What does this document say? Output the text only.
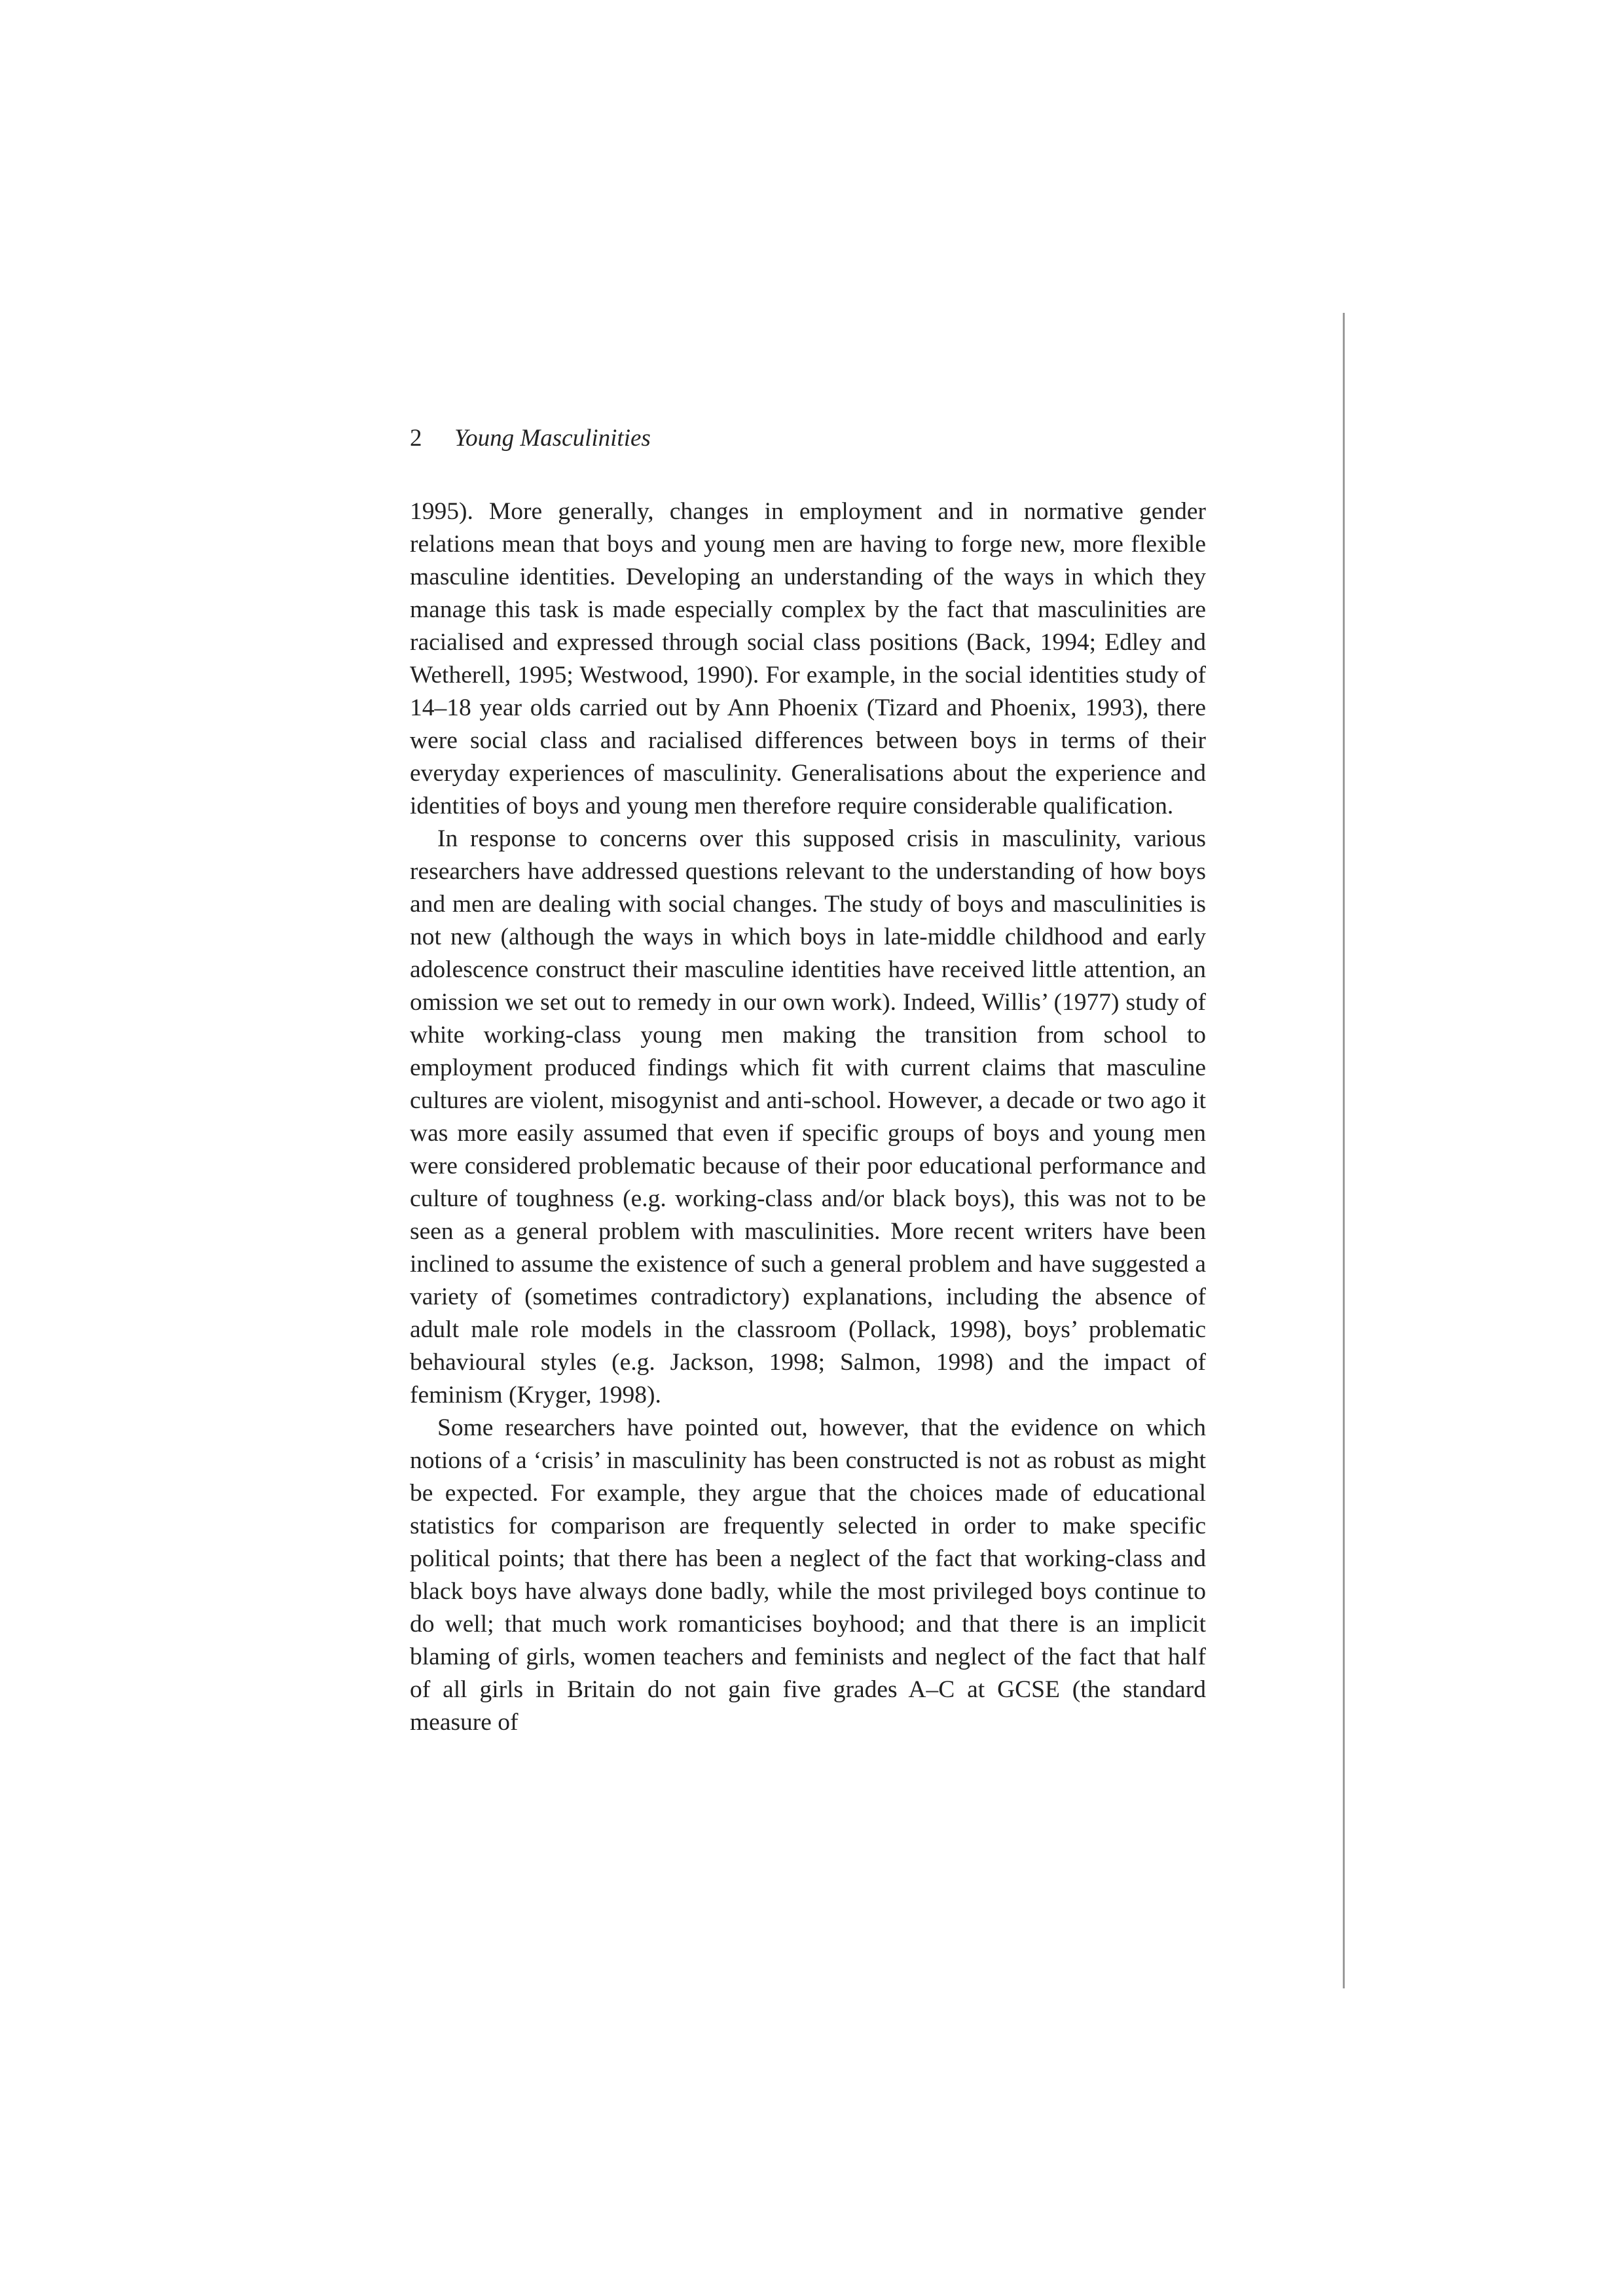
2 Young Masculinities

1995). More generally, changes in employment and in normative gender relations mean that boys and young men are having to forge new, more flexible masculine identities. Developing an understanding of the ways in which they manage this task is made especially complex by the fact that masculinities are racialised and expressed through social class positions (Back, 1994; Edley and Wetherell, 1995; Westwood, 1990). For example, in the social identities study of 14–18 year olds carried out by Ann Phoenix (Tizard and Phoenix, 1993), there were social class and racialised differences between boys in terms of their everyday experiences of masculinity. Generalisations about the experience and identities of boys and young men therefore require considerable qualification.

In response to concerns over this supposed crisis in masculinity, various researchers have addressed questions relevant to the understanding of how boys and men are dealing with social changes. The study of boys and masculinities is not new (although the ways in which boys in late-middle childhood and early adolescence construct their masculine identities have received little attention, an omission we set out to remedy in our own work). Indeed, Willis’ (1977) study of white working-class young men making the transition from school to employment produced findings which fit with current claims that masculine cultures are violent, misogynist and anti-school. However, a decade or two ago it was more easily assumed that even if specific groups of boys and young men were considered problematic because of their poor educational performance and culture of toughness (e.g. working-class and/or black boys), this was not to be seen as a general problem with masculinities. More recent writers have been inclined to assume the existence of such a general problem and have suggested a variety of (sometimes contradictory) explanations, including the absence of adult male role models in the classroom (Pollack, 1998), boys’ problematic behavioural styles (e.g. Jackson, 1998; Salmon, 1998) and the impact of feminism (Kryger, 1998).

Some researchers have pointed out, however, that the evidence on which notions of a ‘crisis’ in masculinity has been constructed is not as robust as might be expected. For example, they argue that the choices made of educational statistics for comparison are frequently selected in order to make specific political points; that there has been a neglect of the fact that working-class and black boys have always done badly, while the most privileged boys continue to do well; that much work romanticises boyhood; and that there is an implicit blaming of girls, women teachers and feminists and neglect of the fact that half of all girls in Britain do not gain five grades A–C at GCSE (the standard measure of
